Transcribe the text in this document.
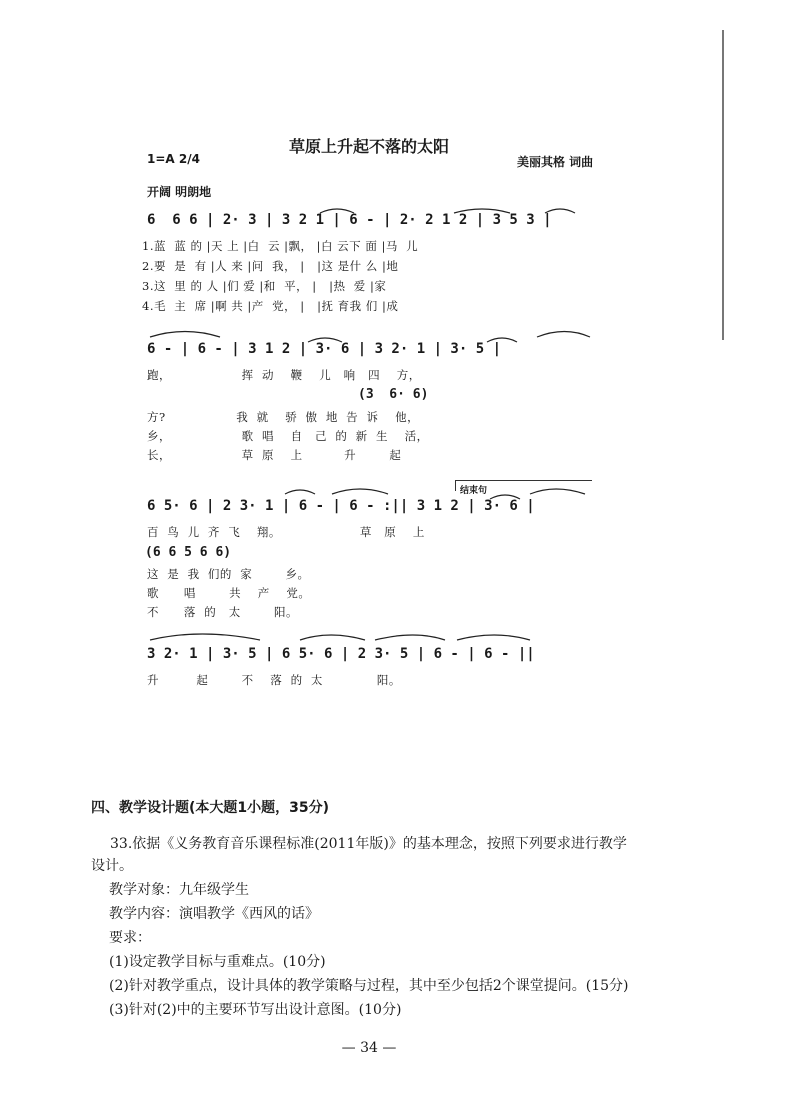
草原上升起不落的太阳
1=A 2/4	美丽其格 词曲
开阔 明朗地
6  6 6 | 2· 3 | 3 2 1 | 6 - | 2· 2 1 2 | 3 5 3 |
1.蓝  蓝 的 |天 上 |白  云 |飘， |白 云下 面 |马  儿
2.要  是  有 |人 来 |问  我， |   |这 是什 么 |地
3.这  里 的 人 |们 爱 |和  平， |   |热  爱 |家
4.毛  主  席 |啊 共 |产  党， |   |抚 育我 们 |成
6 - | 6 - | 3 1 2 | 3· 6 | 3 2· 1 | 3· 5 |
跑，                 挥  动    鞭    儿   响   四    方，
(3  6· 6)
方?                 我  就    骄  傲  地  告  诉    他，
乡，                 歌  唱    自   己  的  新  生    活，
长，                 草  原    上          升        起
结束句
6 5· 6 | 2 3· 1 | 6 - | 6 - :|| 3 1 2 | 3· 6 |
百  鸟  儿  齐  飞    翔。                   草   原    上
(6 6 5 6 6)
这  是  我  们的  家        乡。
歌      唱        共    产    党。
不      落  的   太        阳。
3 2· 1 | 3· 5 | 6 5· 6 | 2 3· 5 | 6 - | 6 - ||
升         起        不    落  的  太             阳。
四、教学设计题(本大题1小题，35分)
33.依据《义务教育音乐课程标准(2011年版)》的基本理念，按照下列要求进行教学
设计。
教学对象：九年级学生
教学内容：演唱教学《西风的话》
要求：
(1)设定教学目标与重难点。(10分)
(2)针对教学重点，设计具体的教学策略与过程，其中至少包括2个课堂提问。(15分)
(3)针对(2)中的主要环节写出设计意图。(10分)
— 34 —
